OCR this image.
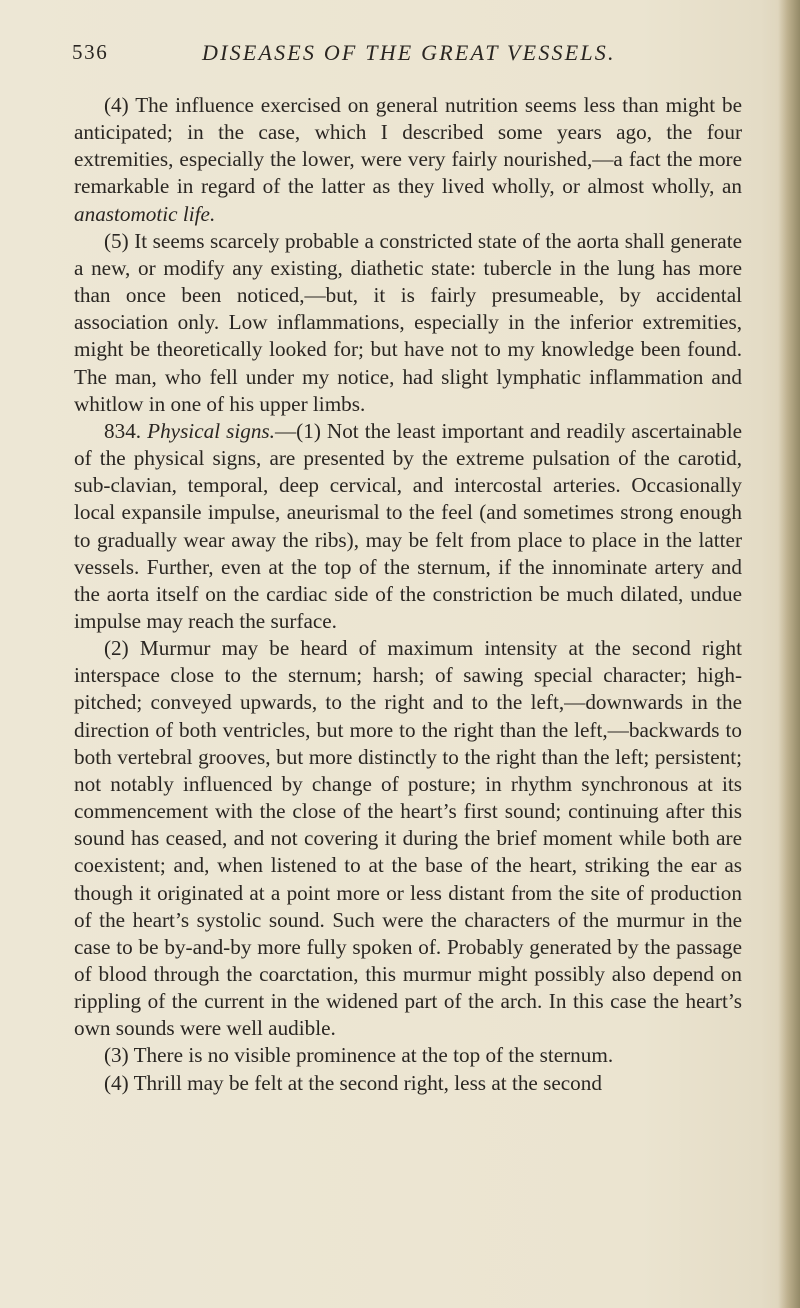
536	DISEASES OF THE GREAT VESSELS.

(4) The influence exercised on general nutrition seems less than might be anticipated; in the case, which I described some years ago, the four extremities, especially the lower, were very fairly nourished,—a fact the more remarkable in regard of the latter as they lived wholly, or almost wholly, an anastomotic life.

(5) It seems scarcely probable a constricted state of the aorta shall generate a new, or modify any existing, diathetic state: tubercle in the lung has more than once been noticed,—but, it is fairly presumeable, by accidental association only. Low inflammations, especially in the inferior extremities, might be theoretically looked for; but have not to my knowledge been found. The man, who fell under my notice, had slight lymphatic inflammation and whitlow in one of his upper limbs.

834. Physical signs.—(1) Not the least important and readily ascertainable of the physical signs, are presented by the extreme pulsation of the carotid, sub-clavian, temporal, deep cervical, and intercostal arteries. Occasionally local expansile impulse, aneurismal to the feel (and sometimes strong enough to gradually wear away the ribs), may be felt from place to place in the latter vessels. Further, even at the top of the sternum, if the innominate artery and the aorta itself on the cardiac side of the constriction be much dilated, undue impulse may reach the surface.

(2) Murmur may be heard of maximum intensity at the second right interspace close to the sternum; harsh; of sawing special character; high-pitched; conveyed upwards, to the right and to the left,—downwards in the direction of both ventricles, but more to the right than the left,—backwards to both vertebral grooves, but more distinctly to the right than the left; persistent; not notably influenced by change of posture; in rhythm synchronous at its commencement with the close of the heart’s first sound; continuing after this sound has ceased, and not covering it during the brief moment while both are coexistent; and, when listened to at the base of the heart, striking the ear as though it originated at a point more or less distant from the site of production of the heart’s systolic sound. Such were the characters of the murmur in the case to be by-and-by more fully spoken of. Probably generated by the passage of blood through the coarctation, this murmur might possibly also depend on rippling of the current in the widened part of the arch. In this case the heart’s own sounds were well audible.

(3) There is no visible prominence at the top of the sternum.

(4) Thrill may be felt at the second right, less at the second
